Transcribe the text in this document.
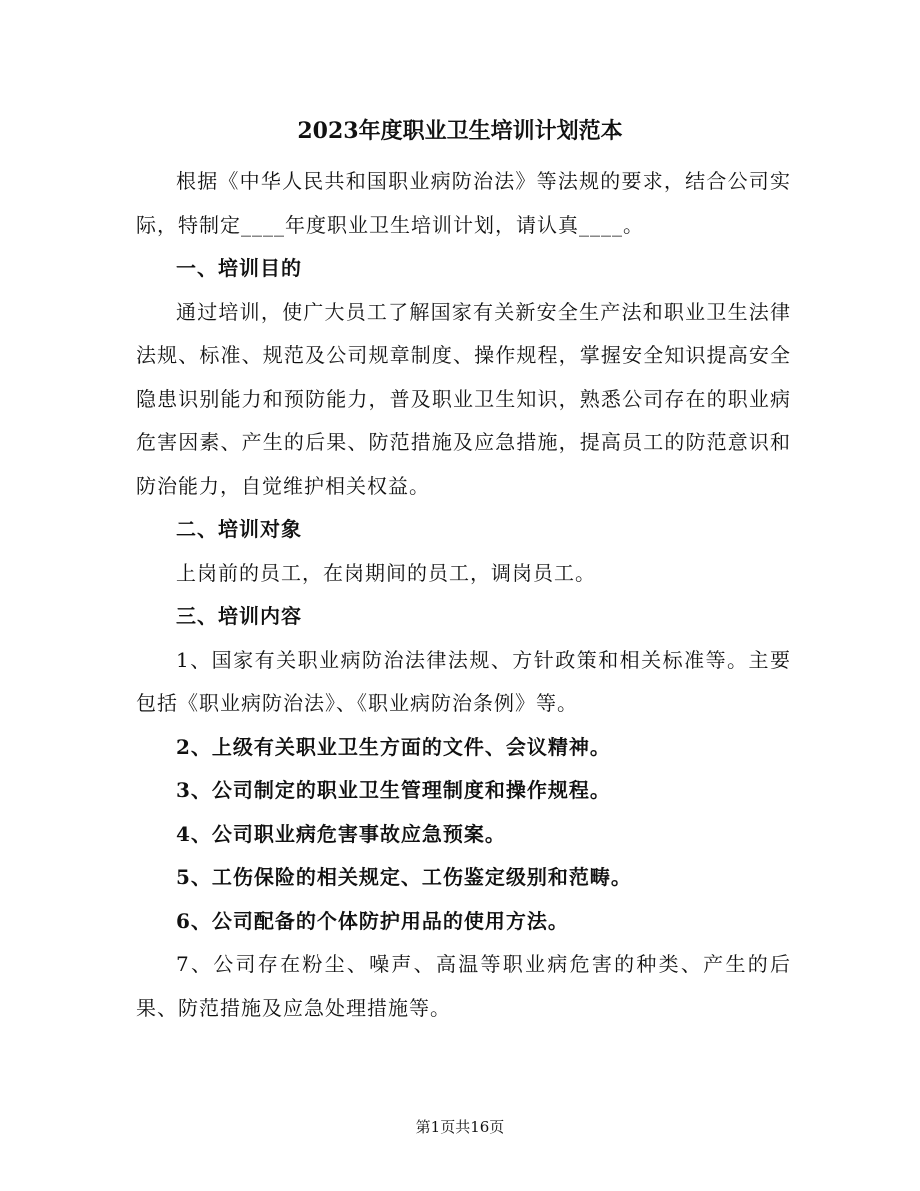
2023年度职业卫生培训计划范本

根据《中华人民共和国职业病防治法》等法规的要求，结合公司实际，特制定____年度职业卫生培训计划，请认真____。

一、培训目的

通过培训，使广大员工了解国家有关新安全生产法和职业卫生法律法规、标准、规范及公司规章制度、操作规程，掌握安全知识提高安全隐患识别能力和预防能力，普及职业卫生知识，熟悉公司存在的职业病危害因素、产生的后果、防范措施及应急措施，提高员工的防范意识和防治能力，自觉维护相关权益。

二、培训对象

上岗前的员工，在岗期间的员工，调岗员工。

三、培训内容

1、国家有关职业病防治法律法规、方针政策和相关标准等。主要包括《职业病防治法》、《职业病防治条例》等。

2、上级有关职业卫生方面的文件、会议精神。

3、公司制定的职业卫生管理制度和操作规程。

4、公司职业病危害事故应急预案。

5、工伤保险的相关规定、工伤鉴定级别和范畴。

6、公司配备的个体防护用品的使用方法。

7、公司存在粉尘、噪声、高温等职业病危害的种类、产生的后果、防范措施及应急处理措施等。

第1页共16页
